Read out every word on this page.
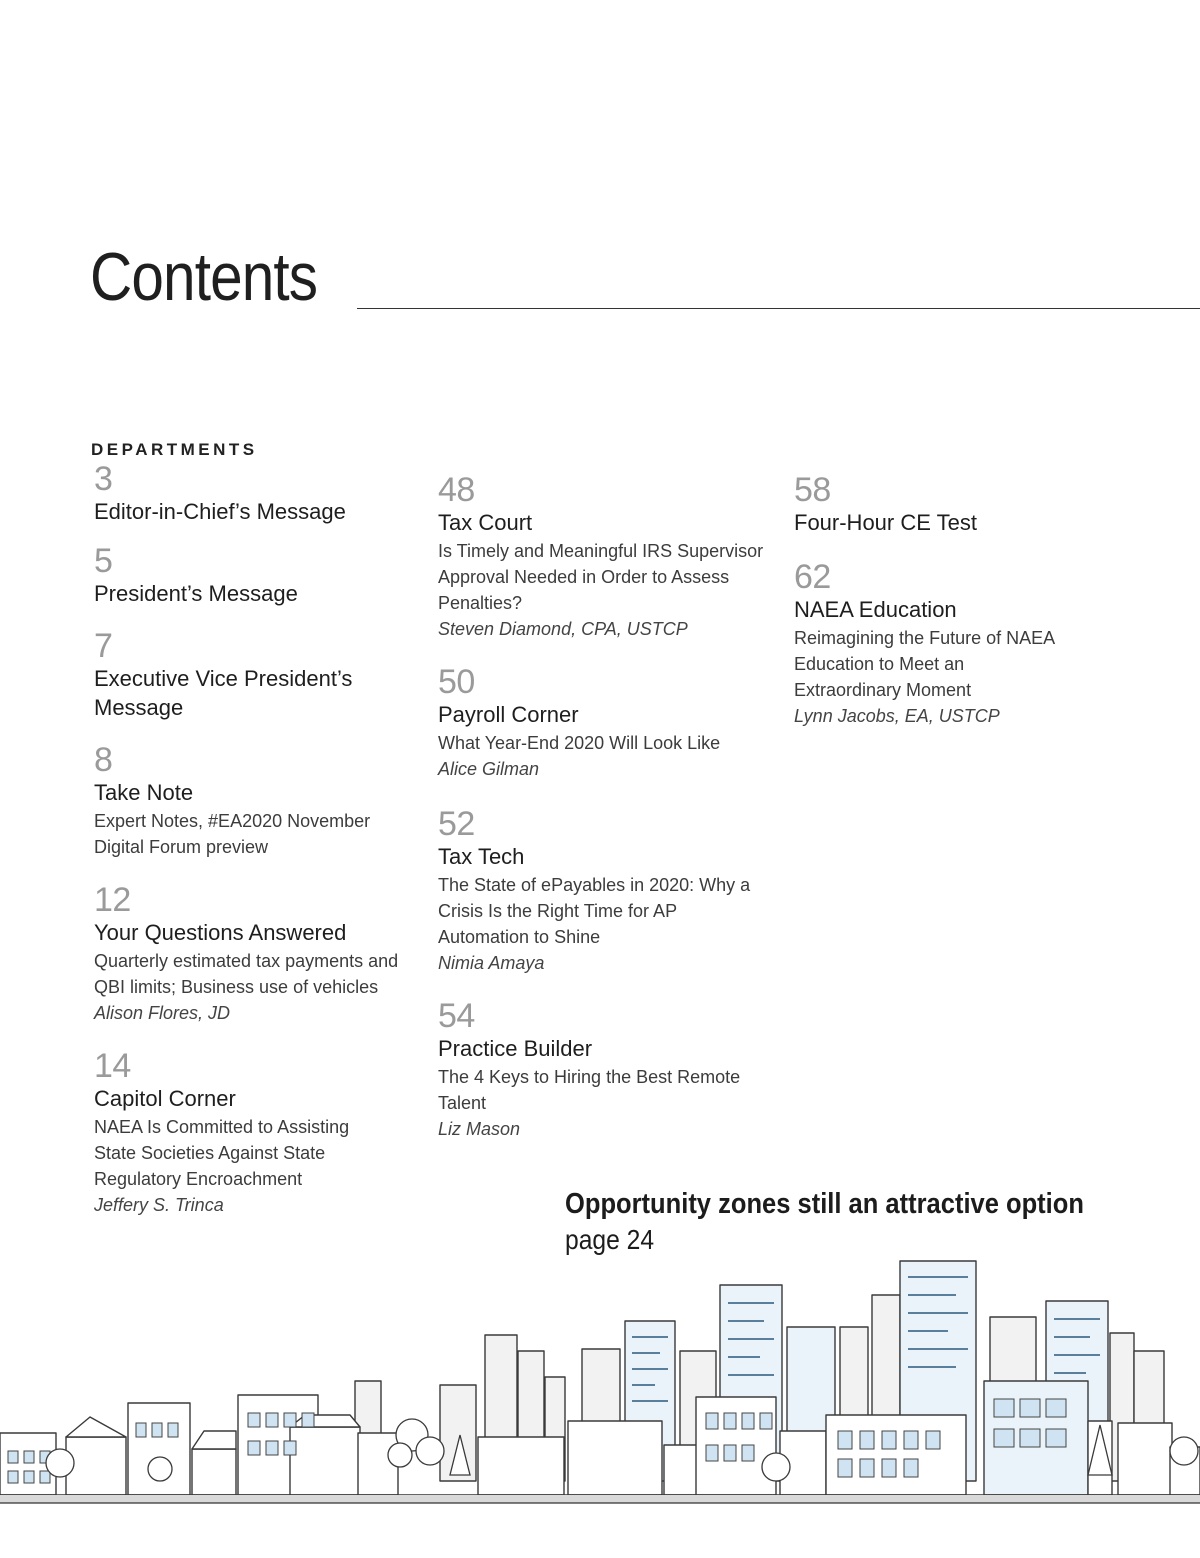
Contents
DEPARTMENTS
3
Editor-in-Chief’s Message
5
President’s Message
7
Executive Vice President’s Message
8
Take Note
Expert Notes, #EA2020 November Digital Forum preview
12
Your Questions Answered
Quarterly estimated tax payments and QBI limits; Business use of vehicles
Alison Flores, JD
14
Capitol Corner
NAEA Is Committed to Assisting State Societies Against State Regulatory Encroachment
Jeffery S. Trinca
48
Tax Court
Is Timely and Meaningful IRS Supervisor Approval Needed in Order to Assess Penalties?
Steven Diamond, CPA, USTCP
50
Payroll Corner
What Year-End 2020 Will Look Like
Alice Gilman
52
Tax Tech
The State of ePayables in 2020: Why a Crisis Is the Right Time for AP Automation to Shine
Nimia Amaya
54
Practice Builder
The 4 Keys to Hiring the Best Remote Talent
Liz Mason
58
Four-Hour CE Test
62
NAEA Education
Reimagining the Future of NAEA Education to Meet an Extraordinary Moment
Lynn Jacobs, EA, USTCP
Opportunity zones still an attractive option
page 24
